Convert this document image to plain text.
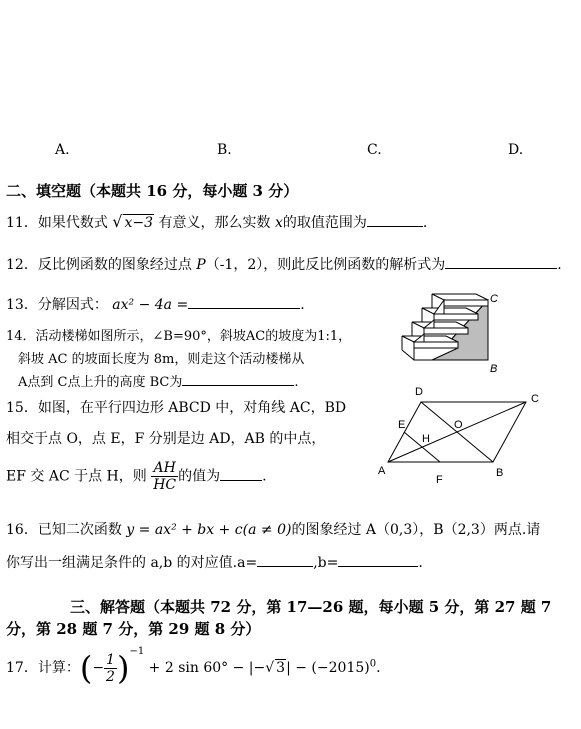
A.	B.	C.	D.
二、填空题（本题共 16 分，每小题 3 分）
11．如果代数式 √ x−3 有意义，那么实数 x的取值范围为	.
12．反比例函数的图象经过点 P（-1，2），则此反比例函数的解析式为	.
13．分解因式： ax² − 4a =	.
14．活动楼梯如图所示，∠B=90°，斜坡AC的坡度为1:1，
斜坡 AC 的坡面长度为 8m，则走这个活动楼梯从
A点到 C点上升的高度 BC为	.
C
B
15．如图，在平行四边形 ABCD 中，对角线 AC，BD
相交于点 O，点 E，F 分别是边 AD，AB 的中点，
EF 交 AC 于点 H，则 $\frac{AH}{HC}$ 的值为	.	A	B
C
D
E
F
H
O
16．已知二次函数 y = ax² + bx + c(a ≠ 0)的图象经过 A（0,3），B（2,3）两点.请
你写出一组满足条件的 a,b 的对应值.a=	,b=	.
三、解答题（本题共 72 分，第 17—26 题，每小题 5 分，第 27 题 7
分，第 28 题 7 分，第 29 题 8 分）
17．计算：(− $\frac{1}{2} )^{-1} + 2$ sin 60° − |−√ $3| - (-2015)^0$.
